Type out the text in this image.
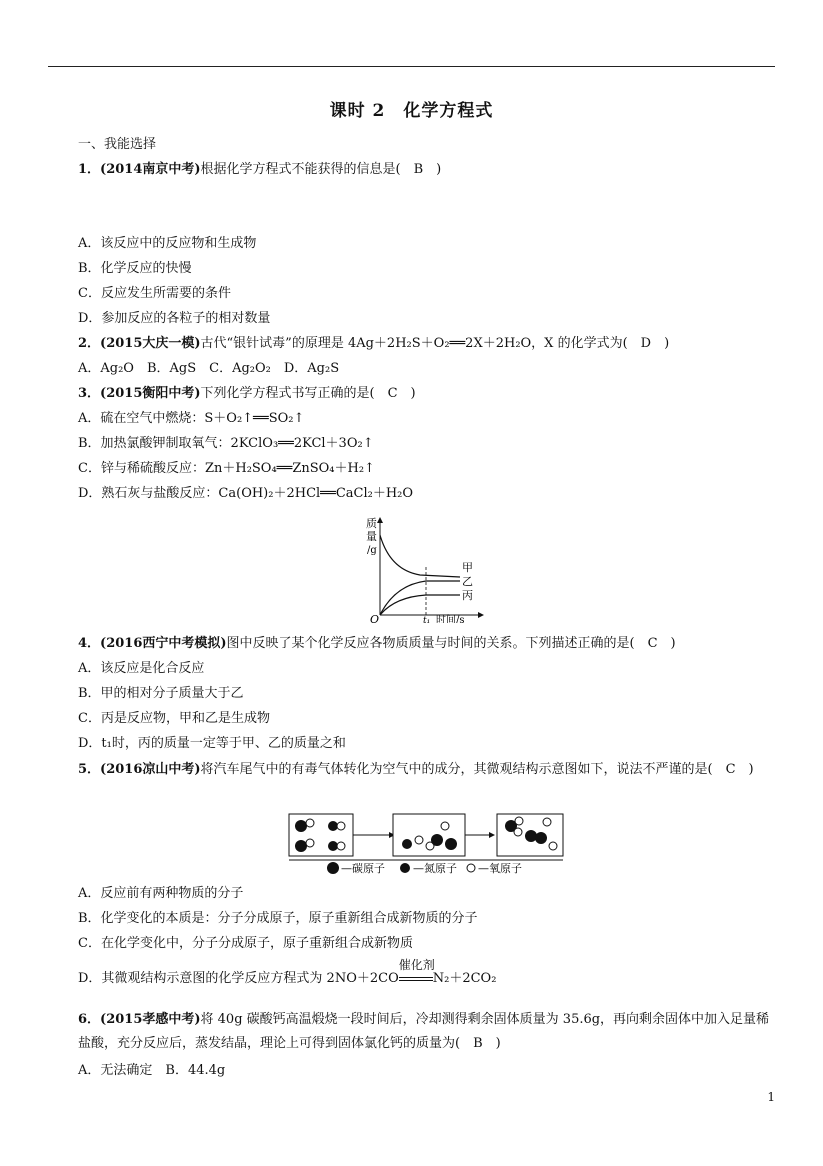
课时 2　化学方程式
一、我能选择
1．(2014南京中考)根据化学方程式不能获得的信息是(　B　)
A．该反应中的反应物和生成物
B．化学反应的快慢
C．反应发生所需要的条件
D．参加反应的各粒子的相对数量
2．(2015大庆一模)古代“银针试毒”的原理是 4Ag＋2H₂S＋O₂══2X＋2H₂O，X 的化学式为(　D　)
A．Ag₂O　B．AgS　C．Ag₂O₂　D．Ag₂S
3．(2015衡阳中考)下列化学方程式书写正确的是(　C　)
A．硫在空气中燃烧：S＋O₂↑══SO₂↑
B．加热氯酸钾制取氧气：2KClO₃══2KCl＋3O₂↑
C．锌与稀硫酸反应：Zn＋H₂SO₄══ZnSO₄＋H₂↑
D．熟石灰与盐酸反应：Ca(OH)₂＋2HCl══CaCl₂＋H₂O
质
量
/g
O	t₁ 时间/s
甲
乙
丙
4．(2016西宁中考模拟)图中反映了某个化学反应各物质质量与时间的关系。下列描述正确的是(　C　)
A．该反应是化合反应
B．甲的相对分子质量大于乙
C．丙是反应物，甲和乙是生成物
D．t₁时，丙的质量一定等于甲、乙的质量之和
5．(2016凉山中考)将汽车尾气中的有毒气体转化为空气中的成分，其微观结构示意图如下，说法不严谨的是(　C　)
—碳原子	—氮原子 —氧原子
A．反应前有两种物质的分子
B．化学变化的本质是：分子分成原子，原子重新组合成新物质的分子
C．在化学变化中，分子分成原子，原子重新组合成新物质
D．其微观结构示意图的化学反应方程式为 2NO＋2CO
催化剂
N₂＋2CO₂
6．(2015孝感中考)将 40g 碳酸钙高温煅烧一段时间后，冷却测得剩余固体质量为 35.6g，再向剩余固体中加入足量稀盐酸，充分反应后，蒸发结晶，理论上可得到固体氯化钙的质量为(　B　)
A．无法确定　B．44.4g
1
